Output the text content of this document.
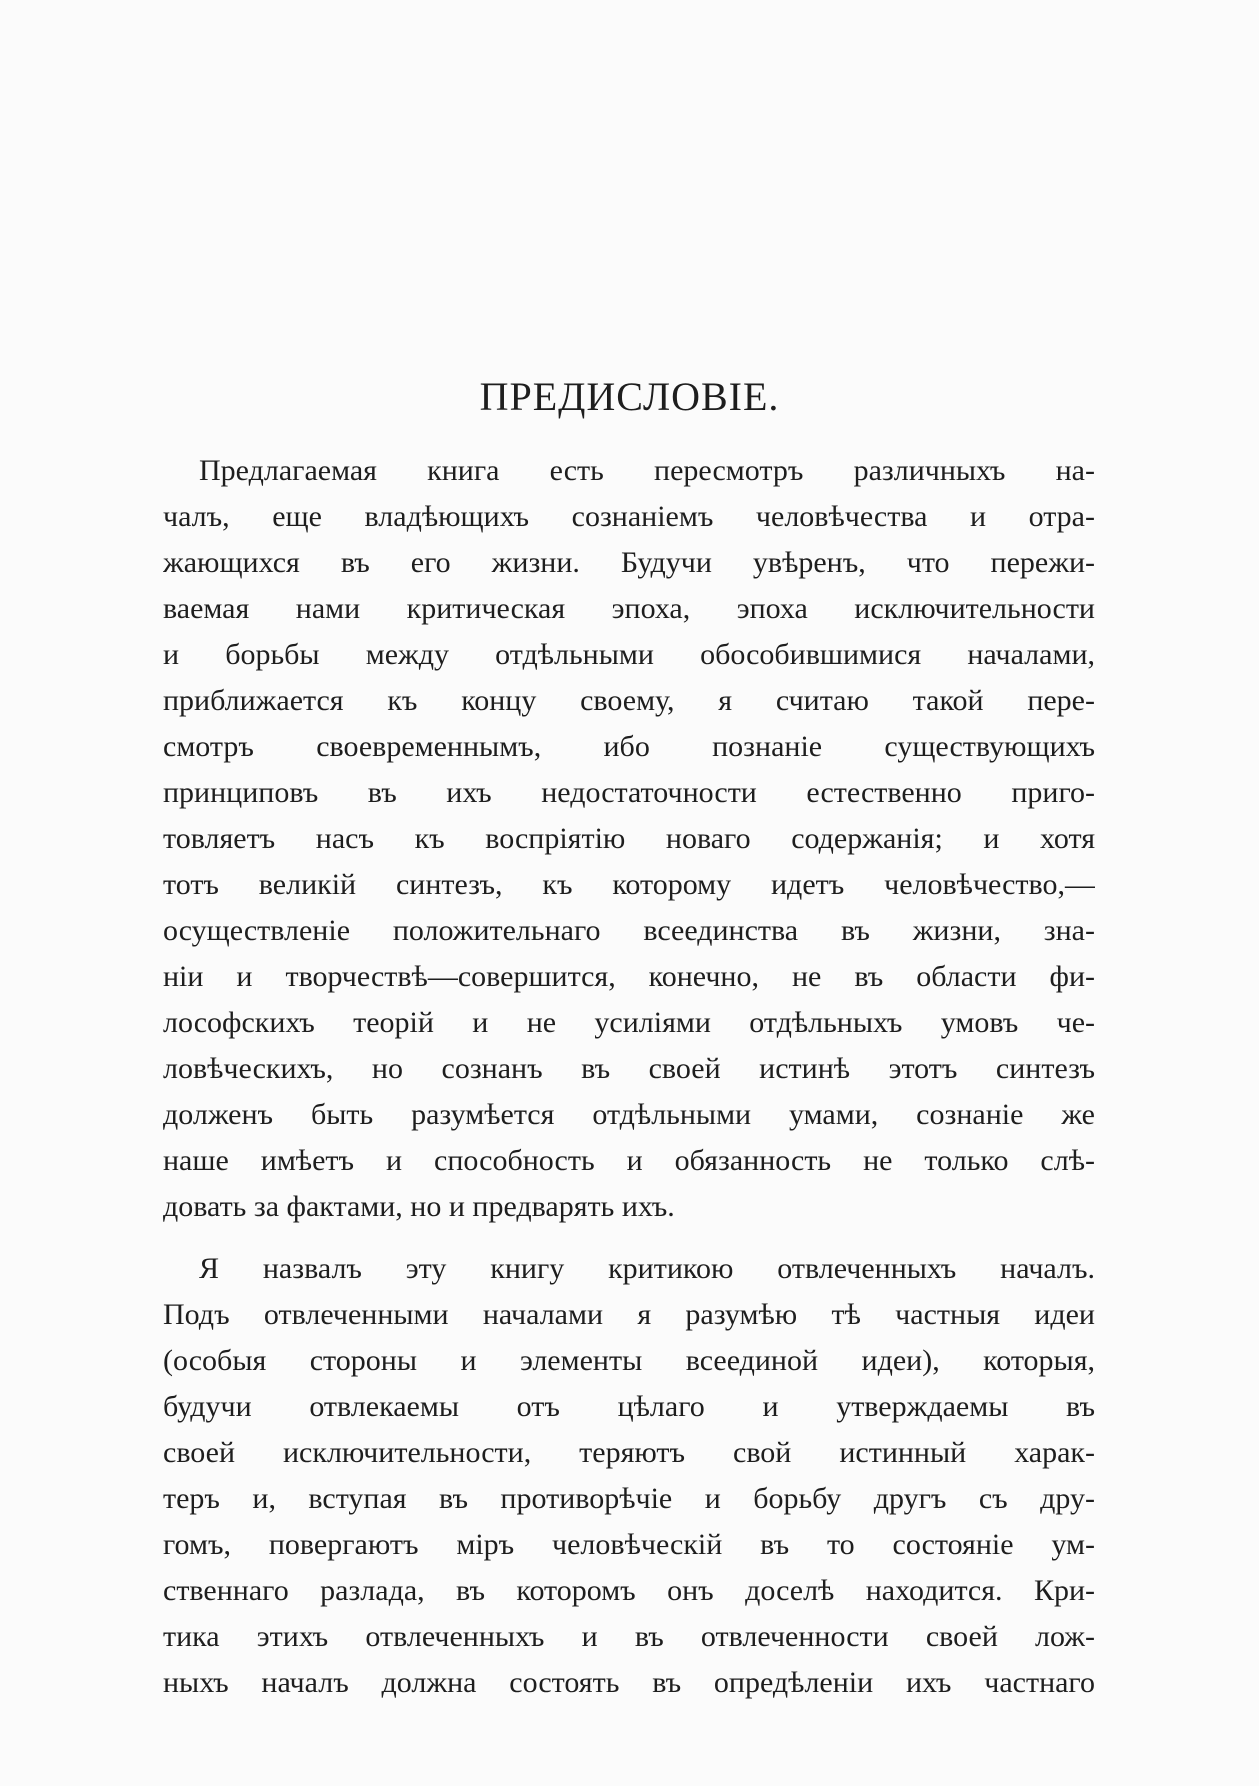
ПРЕДИСЛОВІЕ.
Предлагаемая книга есть пересмотръ различныхъ на-
чалъ, еще владѣющихъ сознаніемъ человѣчества и отра-
жающихся въ его жизни. Будучи увѣренъ, что пережи-
ваемая нами критическая эпоха, эпоха исключительности
и борьбы между отдѣльными обособившимися началами,
приближается къ концу своему, я считаю такой пере-
смотръ своевременнымъ, ибо познаніе существующихъ
принциповъ въ ихъ недостаточности естественно приго-
товляетъ насъ къ воспріятію новаго содержанія; и хотя
тотъ великій синтезъ, къ которому идетъ человѣчество,—
осуществленіе положительнаго всеединства въ жизни, зна-
ніи и творчествѣ—совершится, конечно, не въ области фи-
лософскихъ теорій и не усиліями отдѣльныхъ умовъ че-
ловѣческихъ, но сознанъ въ своей истинѣ этотъ синтезъ
долженъ быть разумѣется отдѣльными умами, сознаніе же
наше имѣетъ и способность и обязанность не только слѣ-
довать за фактами, но и предварять ихъ.
Я назвалъ эту книгу критикою отвлеченныхъ началъ.
Подъ отвлеченными началами я разумѣю тѣ частныя идеи
(особыя стороны и элементы всеединой идеи), которыя,
будучи отвлекаемы отъ цѣлаго и утверждаемы въ
своей исключительности, теряютъ свой истинный харак-
теръ и, вступая въ противорѣчіе и борьбу другъ съ дру-
гомъ, повергаютъ міръ человѣческій въ то состояніе ум-
ственнаго разлада, въ которомъ онъ доселѣ находится. Кри-
тика этихъ отвлеченныхъ и въ отвлеченности своей лож-
ныхъ началъ должна состоять въ опредѣленіи ихъ частнаго
